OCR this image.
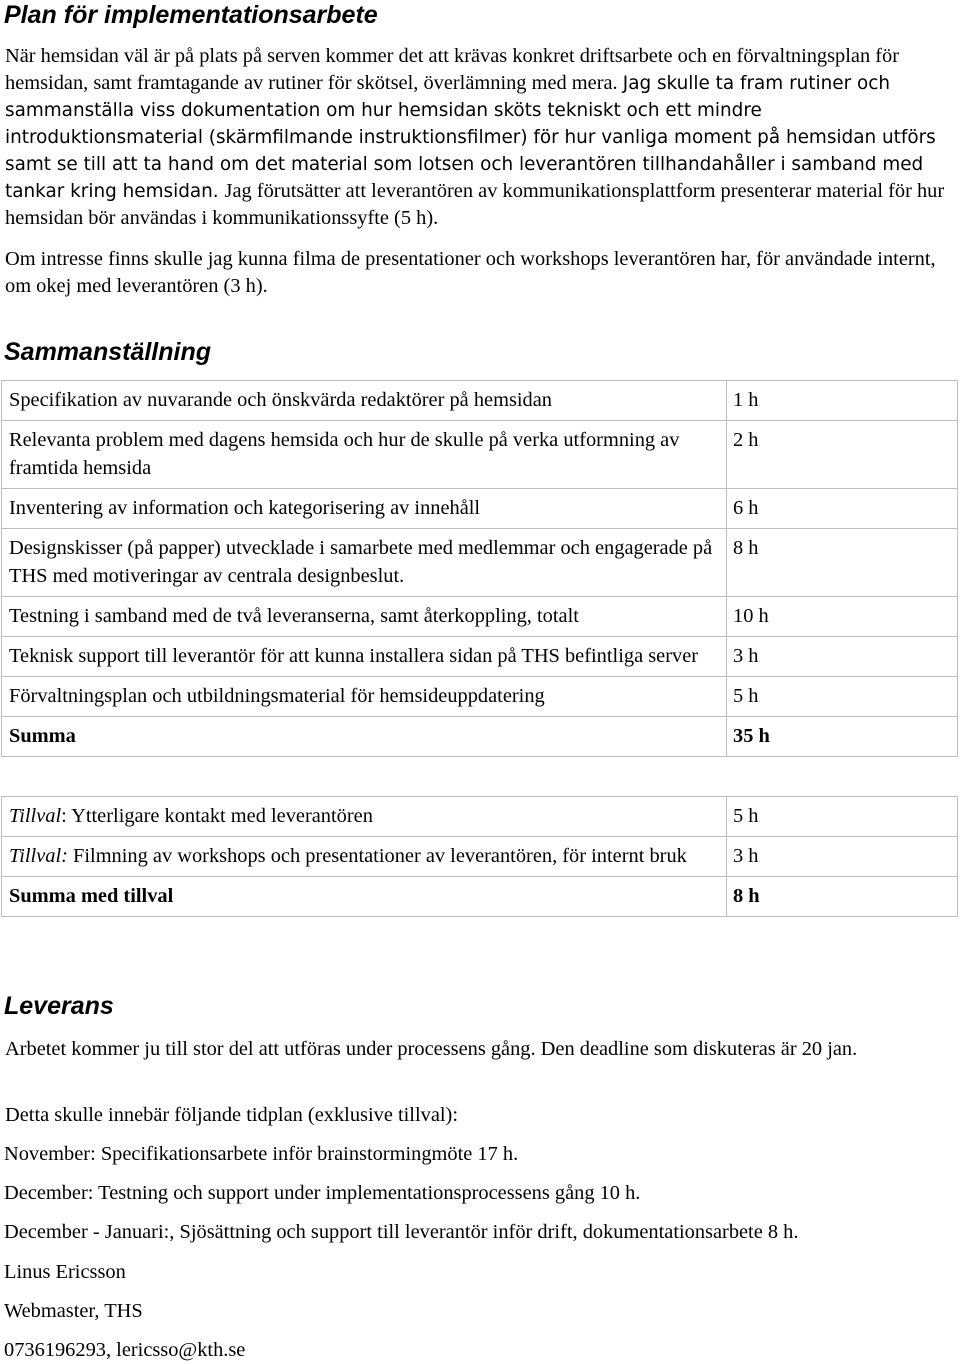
Plan för implementationsarbete

När hemsidan väl är på plats på serven kommer det att krävas konkret driftsarbete och en förvaltningsplan för hemsidan, samt framtagande av rutiner för skötsel, överlämning med mera. Jag skulle ta fram rutiner och sammanställa viss dokumentation om hur hemsidan sköts tekniskt och ett mindre introduktionsmaterial (skärmfilmande instruktionsfilmer) för hur vanliga moment på hemsidan utförs samt se till att ta hand om det material som lotsen och leverantören tillhandahåller i samband med tankar kring hemsidan. Jag förutsätter att leverantören av kommunikationsplattform presenterar material för hur hemsidan bör användas i kommunikationssyfte (5 h).

Om intresse finns skulle jag kunna filma de presentationer och workshops leverantören har, för användade internt, om okej med leverantören (3 h).

Sammanställning
Specifikation av nuvarande och önskvärda redaktörer på hemsidan	1 h
Relevanta problem med dagens hemsida och hur de skulle på verka utformning av framtida hemsida	2 h
Inventering av information och kategorisering av innehåll	6 h
Designskisser (på papper) utvecklade i samarbete med medlemmar och engagerade på THS med motiveringar av centrala designbeslut.	8 h
Testning i samband med de två leveranserna, samt återkoppling, totalt	10 h
Teknisk support till leverantör för att kunna installera sidan på THS befintliga server	3 h
Förvaltningsplan och utbildningsmaterial för hemsideuppdatering	5 h
Summa	35 h
Tillval: Ytterligare kontakt med leverantören	5 h
Tillval: Filmning av workshops och presentationer av leverantören, för internt bruk	3 h
Summa med tillval	8 h
Leverans

Arbetet kommer ju till stor del att utföras under processens gång. Den deadline som diskuteras är 20 jan.

Detta skulle innebär följande tidplan (exklusive tillval):

November: Specifikationsarbete inför brainstormingmöte 17 h.
December: Testning och support under implementationsprocessens gång 10 h.
December - Januari:, Sjösättning och support till leverantör inför drift, dokumentationsarbete 8 h.
Linus Ericsson
Webmaster, THS
0736196293, lericsso@kth.se
